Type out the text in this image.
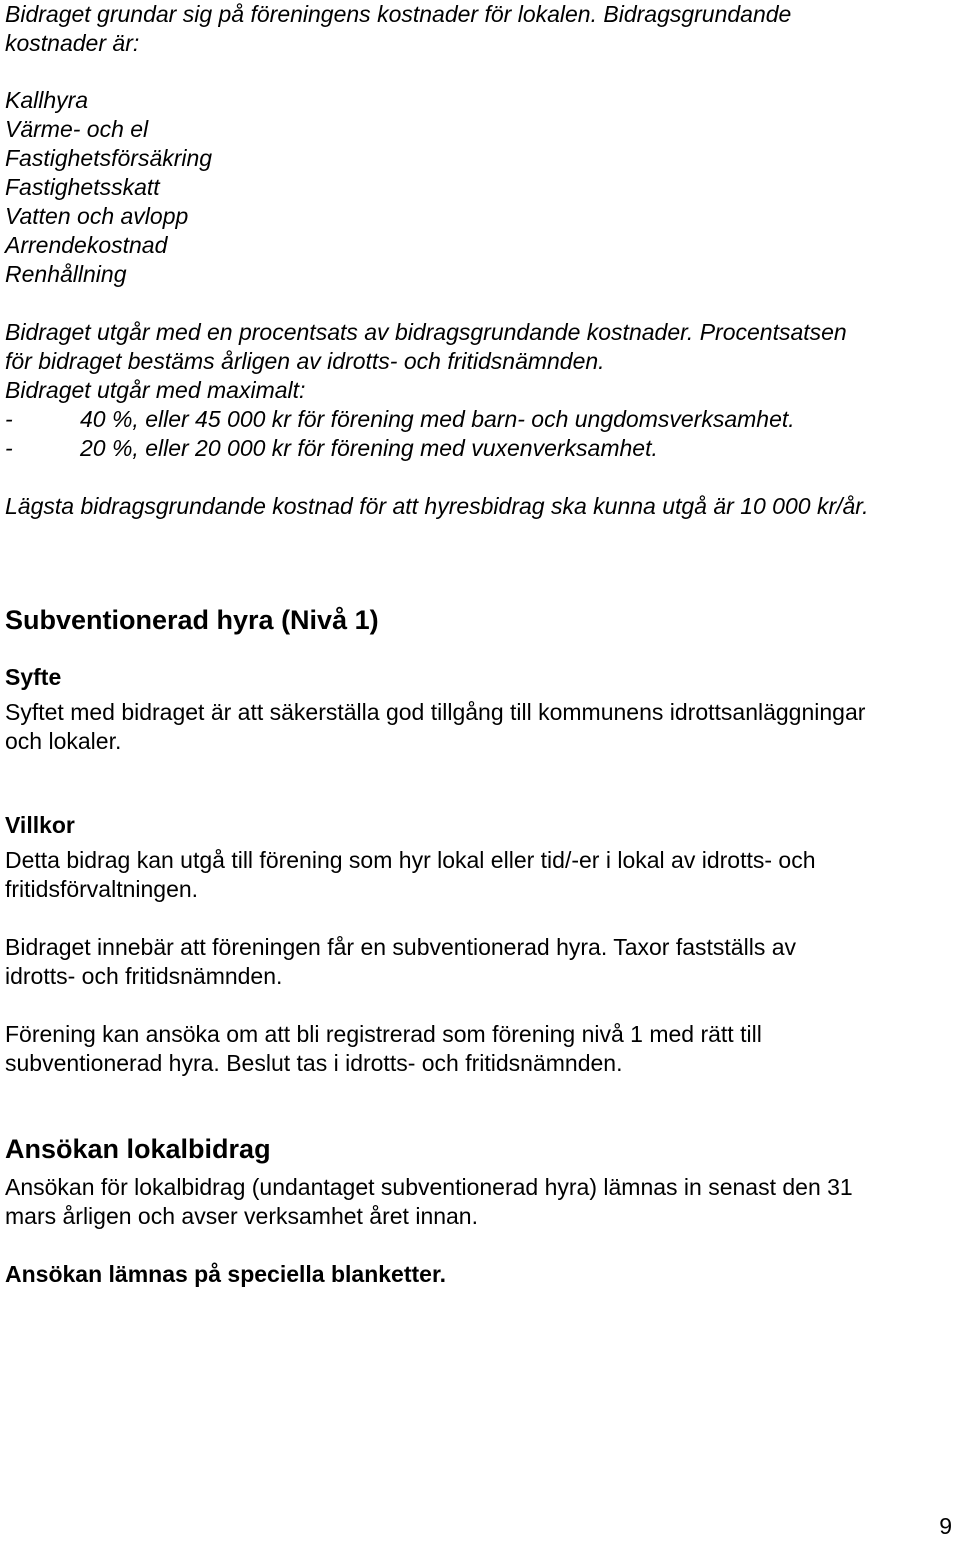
Bidraget grundar sig på föreningens kostnader för lokalen. Bidragsgrundande
kostnader är:
Kallhyra
Värme- och el
Fastighetsförsäkring
Fastighetsskatt
Vatten och avlopp
Arrendekostnad
Renhållning
Bidraget utgår med en procentsats av bidragsgrundande kostnader. Procentsatsen
för bidraget bestäms årligen av idrotts- och fritidsnämnden.
Bidraget utgår med maximalt:
-	40 %, eller 45 000 kr för förening med barn- och ungdomsverksamhet.
-	20 %, eller 20 000 kr för förening med vuxenverksamhet.
Lägsta bidragsgrundande kostnad för att hyresbidrag ska kunna utgå är 10 000 kr/år.
Subventionerad hyra (Nivå 1)
Syfte
Syftet med bidraget är att säkerställa god tillgång till kommunens idrottsanläggningar
och lokaler.
Villkor
Detta bidrag kan utgå till förening som hyr lokal eller tid/-er i lokal av idrotts- och
fritidsförvaltningen.
Bidraget innebär att föreningen får en subventionerad hyra. Taxor fastställs av
idrotts- och fritidsnämnden.
Förening kan ansöka om att bli registrerad som förening nivå 1 med rätt till
subventionerad hyra. Beslut tas i idrotts- och fritidsnämnden.
Ansökan lokalbidrag
Ansökan för lokalbidrag (undantaget subventionerad hyra) lämnas in senast den 31
mars årligen och avser verksamhet året innan.
Ansökan lämnas på speciella blanketter.
9
